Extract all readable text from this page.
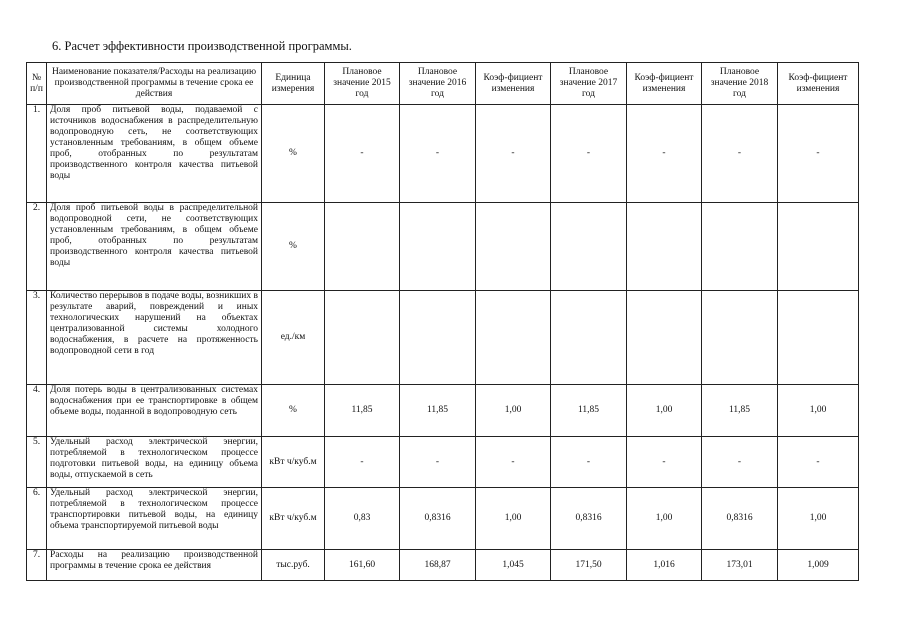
6. Расчет эффективности производственной программы.
№ п/п	Наименование показателя/Расходы на реализацию производственной программы в течение срока ее действия	Единица измерения	Плановое значение 2015 год	Плановое значение 2016 год	Коэф-фициент изменения	Плановое значение 2017 год	Коэф-фициент изменения	Плановое значение 2018 год	Коэф-фициент изменения
1.	Доля проб питьевой воды, подаваемой с источников водоснабжения в распределительную водопроводную сеть, не соответствующих установленным требованиям, в общем объеме проб, отобранных по результатам производственного контроля качества питьевой воды	%	-	-	-	-	-	-	-
2.	Доля проб питьевой воды в распределительной водопроводной сети, не соответствующих установленным требованиям, в общем объеме проб, отобранных по результатам производственного контроля качества питьевой воды	%							
3.	Количество перерывов в подаче воды, возникших в результате аварий, повреждений и иных технологических нарушений на объектах централизованной системы холодного водоснабжения, в расчете на протяженность водопроводной сети в год	ед./км							
4.	Доля потерь воды в централизованных системах водоснабжения при ее транспортировке в общем объеме воды, поданной в водопроводную сеть	%	11,85	11,85	1,00	11,85	1,00	11,85	1,00
5.	Удельный расход электрической энергии, потребляемой в технологическом процессе подготовки питьевой воды, на единицу объема воды, отпускаемой в сеть	кВт ч/куб.м	-	-	-	-	-	-	-
6.	Удельный расход электрической энергии, потребляемой в технологическом процессе транспортировки питьевой воды, на единицу объема транспортируемой питьевой воды	кВт ч/куб.м	0,83	0,8316	1,00	0,8316	1,00	0,8316	1,00
7.	Расходы на реализацию производственной программы в течение срока ее действия	тыс.руб.	161,60	168,87	1,045	171,50	1,016	173,01	1,009
